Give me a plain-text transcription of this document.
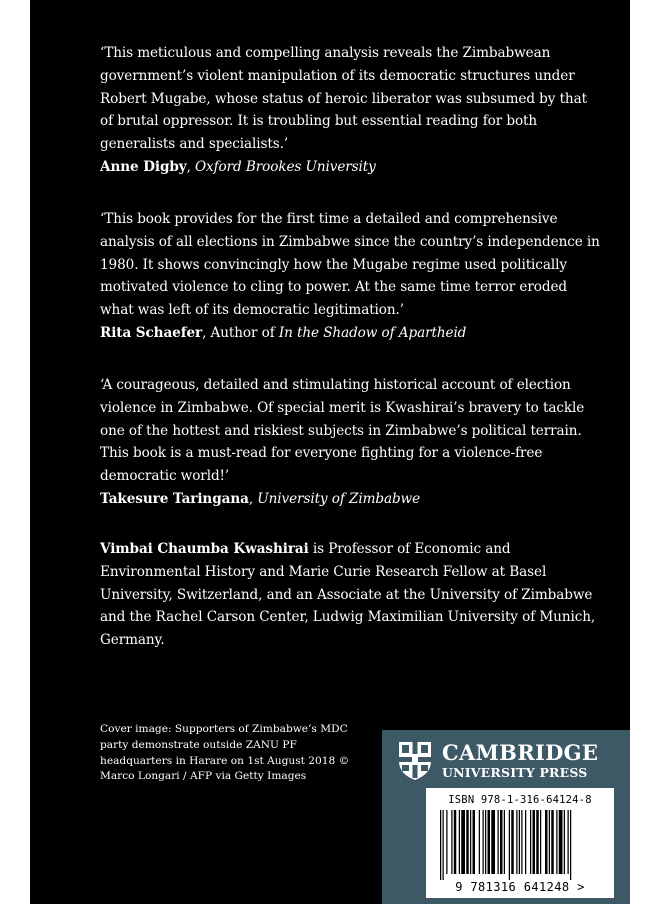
‘This meticulous and compelling analysis reveals the Zimbabwean government’s violent manipulation of its democratic structures under Robert Mugabe, whose status of heroic liberator was subsumed by that of brutal oppressor. It is troubling but essential reading for both generalists and specialists.’

Anne Digby, Oxford Brookes University

‘This book provides for the first time a detailed and comprehensive analysis of all elections in Zimbabwe since the country’s independence in 1980. It shows convincingly how the Mugabe regime used politically motivated violence to cling to power. At the same time terror eroded what was left of its democratic legitimation.’

Rita Schaefer, Author of In the Shadow of Apartheid

‘A courageous, detailed and stimulating historical account of election violence in Zimbabwe. Of special merit is Kwashirai’s bravery to tackle one of the hottest and riskiest subjects in Zimbabwe’s political terrain. This book is a must-read for everyone fighting for a violence-free democratic world!’

Takesure Taringana, University of Zimbabwe

Vimbai Chaumba Kwashirai is Professor of Economic and Environmental History and Marie Curie Research Fellow at Basel University, Switzerland, and an Associate at the University of Zimbabwe and the Rachel Carson Center, Ludwig Maximilian University of Munich, Germany.

Cover image: Supporters of Zimbabwe’s MDC party demonstrate outside ZANU PF headquarters in Harare on 1st August 2018 © Marco Longari / AFP via Getty Images
CAMBRIDGE
UNIVERSITY PRESS
ISBN 978-1-316-64124-8
9 781316 641248 >
